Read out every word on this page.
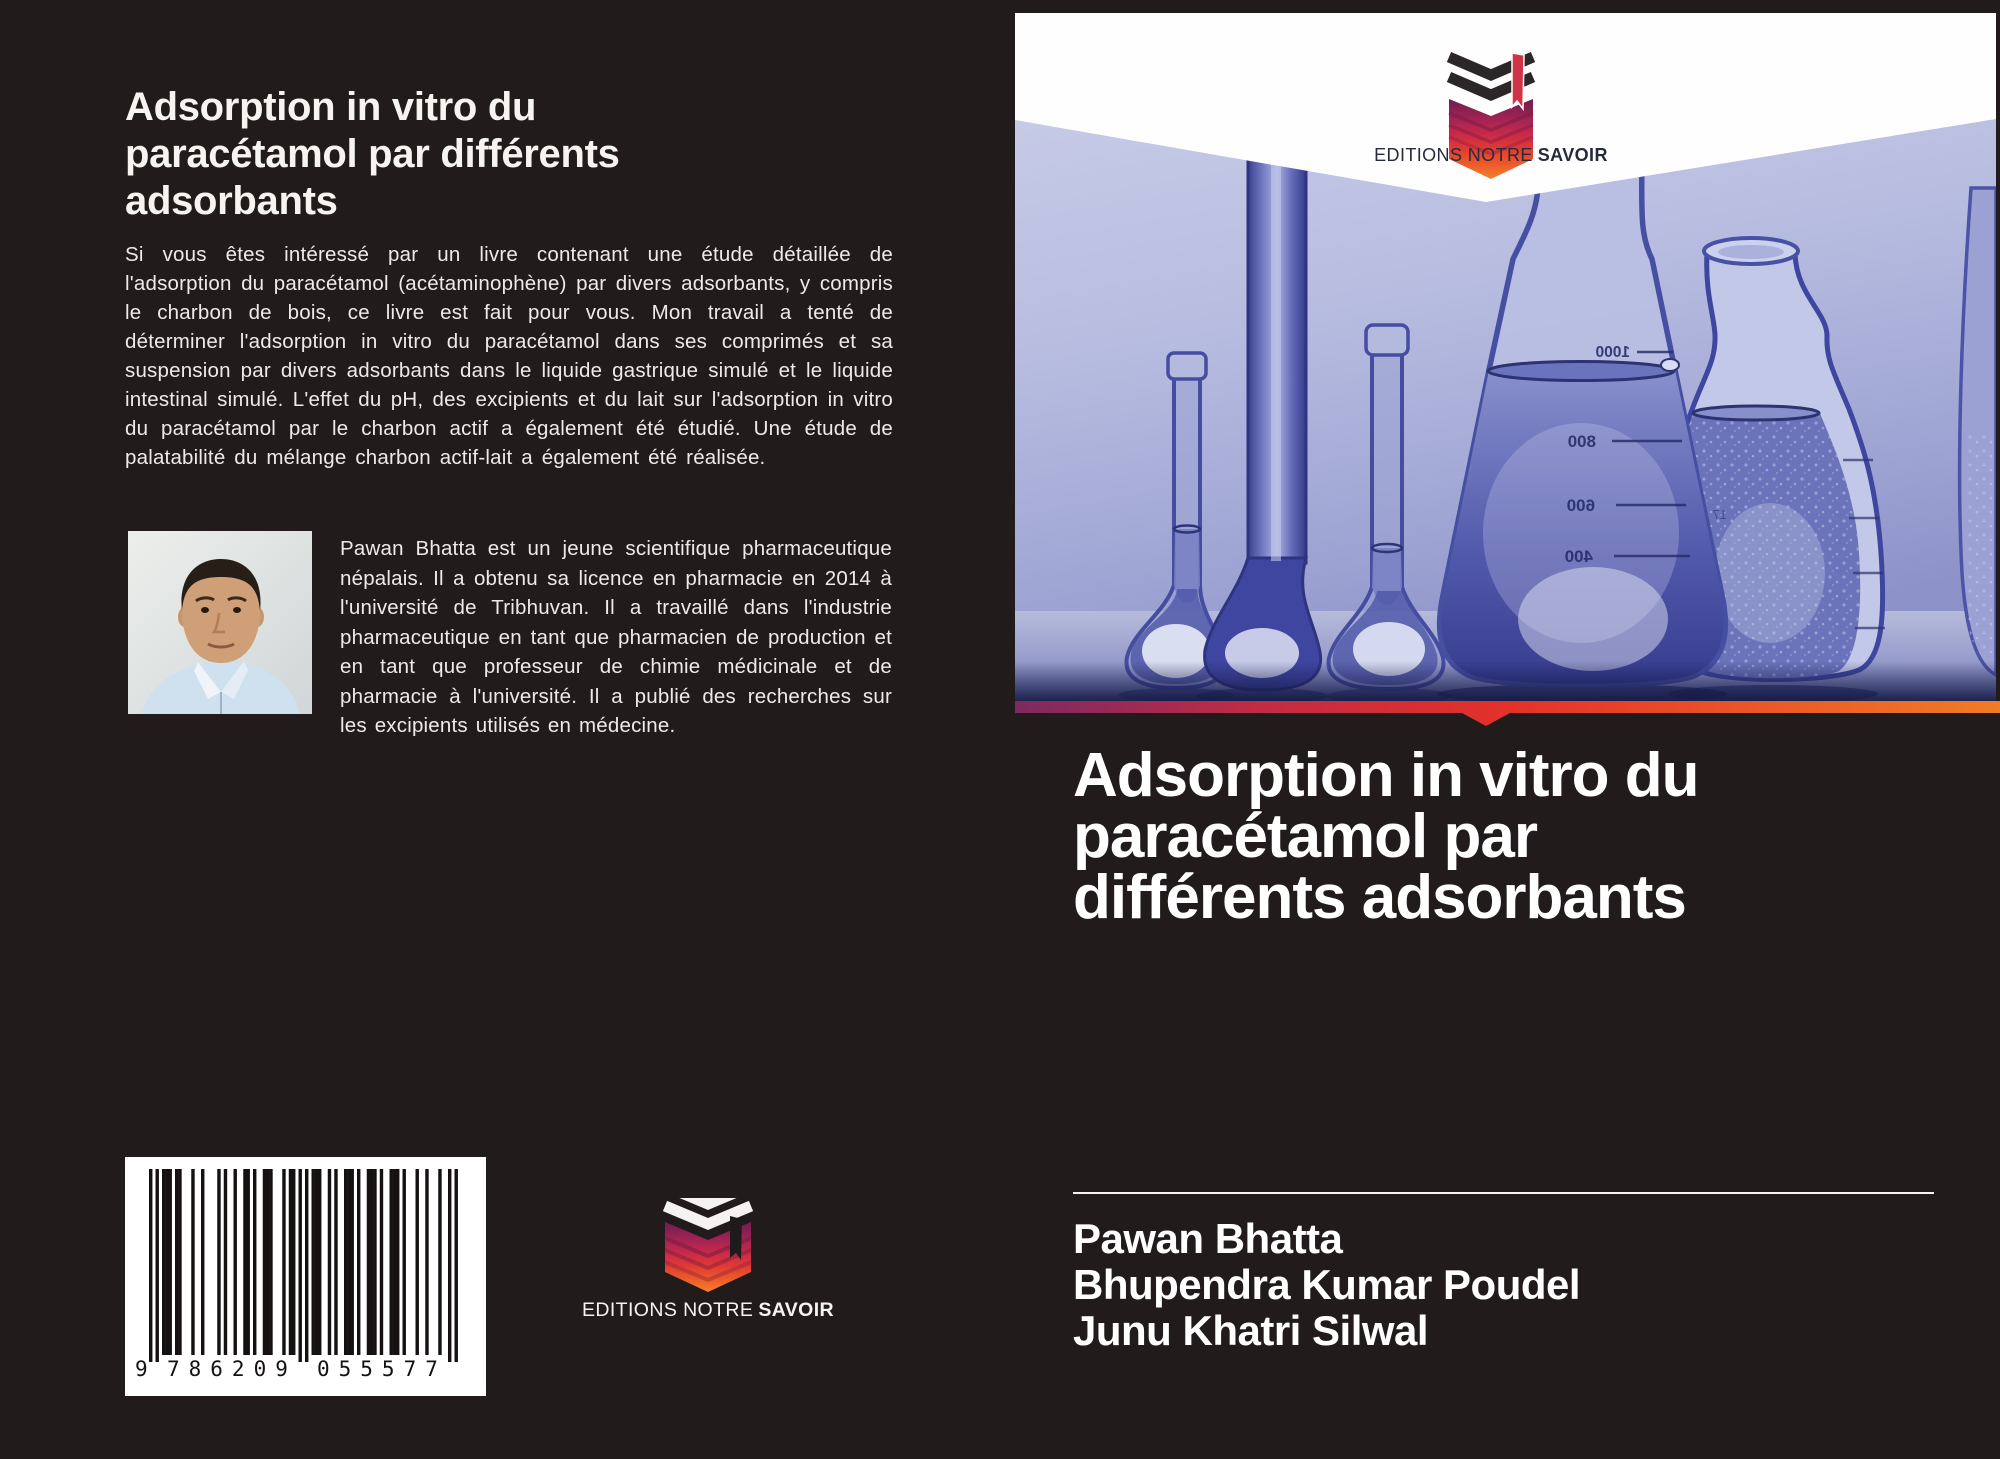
Adsorption in vitro du
paracétamol par différents
adsorbants
Si vous êtes intéressé par un livre contenant une étude détaillée de l'adsorption du paracétamol (acétaminophène) par divers adsorbants, y compris le charbon de bois, ce livre est fait pour vous. Mon travail a tenté de déterminer l'adsorption in vitro du paracétamol dans ses comprimés et sa suspension par divers adsorbants dans le liquide gastrique simulé et le liquide intestinal simulé. L'effet du pH, des excipients et du lait sur l'adsorption in vitro du paracétamol par le charbon actif a également été étudié. Une étude de palatabilité du mélange charbon actif-lait a également été réalisée.
Pawan Bhatta est un jeune scientifique pharmaceutique népalais. Il a obtenu sa licence en pharmacie en 2014 à l'université de Tribhuvan. Il a travaillé dans l'industrie pharmaceutique en tant que pharmacien de production et en tant que professeur de chimie médicinale et de pharmacie à l'université. Il a publié des recherches sur les excipients utilisés en médecine.
9 786209 055577
EDITIONS NOTRE SAVOIR
17
1000
800
600
400
EDITIONS NOTRE SAVOIR
Adsorption in vitro du
paracétamol par
différents adsorbants
Pawan Bhatta
Bhupendra Kumar Poudel
Junu Khatri Silwal
